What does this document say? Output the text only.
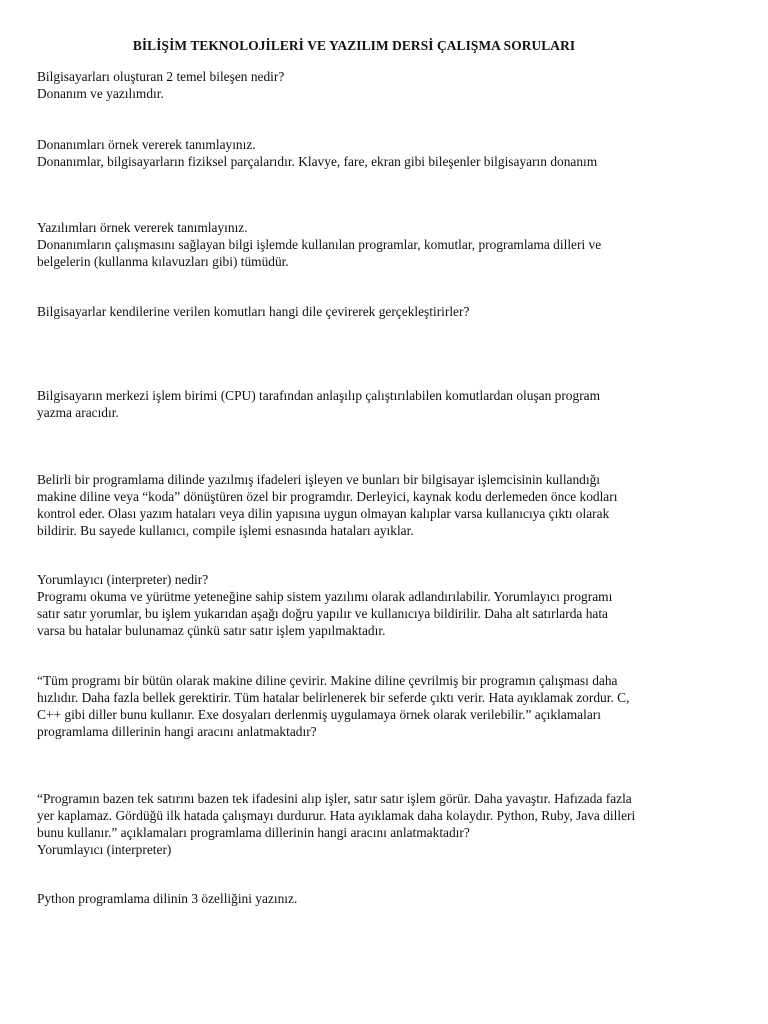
BİLİŞİM TEKNOLOJİLERİ VE YAZILIM DERSİ ÇALIŞMA SORULARI
Bilgisayarları oluşturan 2 temel bileşen nedir?
Donanım ve yazılımdır.
Donanımları örnek vererek tanımlayınız.
Donanımlar, bilgisayarların fiziksel parçalarıdır. Klavye, fare, ekran gibi bileşenler bilgisayarın donanım
Yazılımları örnek vererek tanımlayınız.
Donanımların çalışmasını sağlayan bilgi işlemde kullanılan programlar, komutlar, programlama dilleri ve
belgelerin (kullanma kılavuzları gibi) tümüdür.
Bilgisayarlar kendilerine verilen komutları hangi dile çevirerek gerçekleştirirler?
Bilgisayarın merkezi işlem birimi (CPU) tarafından anlaşılıp çalıştırılabilen komutlardan oluşan program
yazma aracıdır.
Belirli bir programlama dilinde yazılmış ifadeleri işleyen ve bunları bir bilgisayar işlemcisinin kullandığı
makine diline veya “koda” dönüştüren özel bir programdır. Derleyici, kaynak kodu derlemeden önce kodları
kontrol eder. Olası yazım hataları veya dilin yapısına uygun olmayan kalıplar varsa kullanıcıya çıktı olarak
bildirir. Bu sayede kullanıcı, compile işlemi esnasında hataları ayıklar.
Yorumlayıcı (interpreter) nedir?
Programı okuma ve yürütme yeteneğine sahip sistem yazılımı olarak adlandırılabilir. Yorumlayıcı programı
satır satır yorumlar, bu işlem yukarıdan aşağı doğru yapılır ve kullanıcıya bildirilir. Daha alt satırlarda hata
varsa bu hatalar bulunamaz çünkü satır satır işlem yapılmaktadır.
“Tüm programı bir bütün olarak makine diline çevirir. Makine diline çevrilmiş bir programın çalışması daha
hızlıdır. Daha fazla bellek gerektirir. Tüm hatalar belirlenerek bir seferde çıktı verir. Hata ayıklamak zordur. C,
C++ gibi diller bunu kullanır. Exe dosyaları derlenmiş uygulamaya örnek olarak verilebilir.” açıklamaları
programlama dillerinin hangi aracını anlatmaktadır?
“Programın bazen tek satırını bazen tek ifadesini alıp işler, satır satır işlem görür. Daha yavaştır. Hafızada fazla
yer kaplamaz. Gördüğü ilk hatada çalışmayı durdurur. Hata ayıklamak daha kolaydır. Python, Ruby, Java dilleri
bunu kullanır.” açıklamaları programlama dillerinin hangi aracını anlatmaktadır?
Yorumlayıcı (interpreter)
Python programlama dilinin 3 özelliğini yazınız.
